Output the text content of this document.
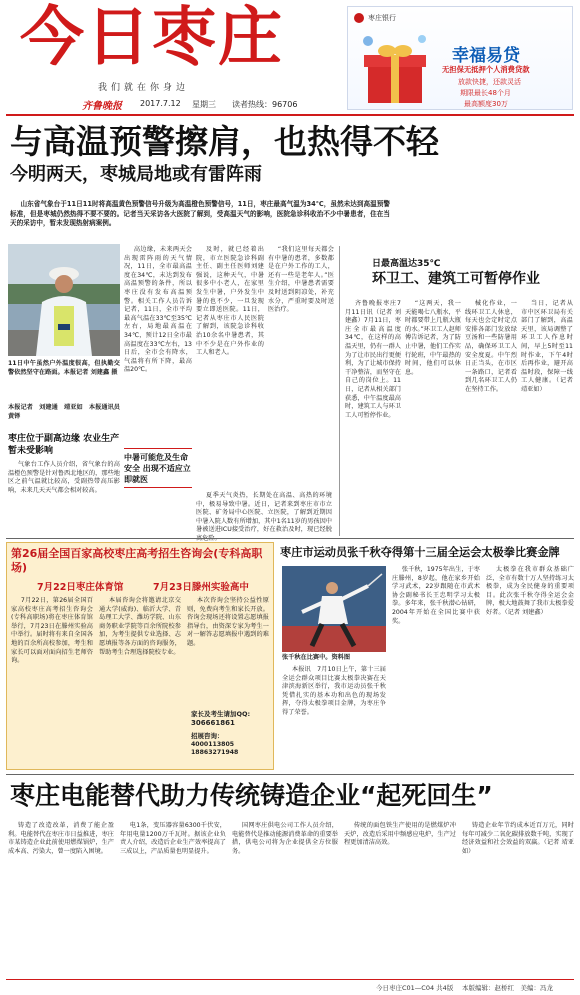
今日枣庄
我们就在你身边
齐鲁晚报 2017.7.12 星期三 读者热线：96706
枣庄银行
幸福易贷
无担保无抵押个人消费贷款
放款快捷，还款灵活
期限最长48个月
最高额度30万
与高温预警擦肩，也热得不轻
今明两天，枣城局地或有雷阵雨

山东省气象台于11日11时将高温黄色预警信号升级为高温橙色预警信号，11日，枣庄最高气温为34℃，虽然未达到高温预警标准，但是枣城仍然热得不要不要的。记者当天采访各大医院了解到，受高温天气的影响，医院急诊科收治不少中暑患者，住在当天的采访中，暂未发现热射病案例。

11日中午虽然户外温度很高，但执勤交警依然坚守在路面。本报记者 刘建鑫 摄

本报记者　刘建通　靖亚如　本报通讯员　黄铎

枣庄位于副高边缘 农业生产暂未受影响

气象台工作人员介绍，省气象台的高温橙色预警是针对鲁西北地区的，那些地区之前气温就比较高，受副热带高压影响，未来几天天气都会相对较高。

高边缘，未来两天会出现雷阵雨的天气情况，11日，全市最高温度在34℃，未达到发布高温预警的条件，所以枣庄没有发布高温预警。相关工作人员告诉记者，11日，全市平均最高气温在33℃至35℃左右，局地最高温在34℃，预计12日全市最高温度在33℃左右，13日后，全市会有降水，气温将有所下降，最高温20℃。

中暑可能危及生命安全 出现不适应立即就医

及时，就已经着出院，市立医院急诊科副主任、副主任医师刘建强说，这种天气，中暑很多中小老人，在家里发生中暑，户外发生中暑的也不少，一旦发现要立即送医院。11日，记者从枣庄市人民医院了解到，该院急诊科收治10余名中暑患者，其中不少是在户外作业的工人和老人。

夏季天气炎热，长期处在高温、高热的环境中，极易导致中暑。近日，记者来到枣庄市市立医院、矿务局中心医院、立医院，了解到近期因中暑入院人数有所增加，其中1名11岁的男孩因中暑被送进ICU接受治疗，好在救治及时，现已经脱

“我们这里每天都会有中暑的患者，多数都是在户外工作的工人，还有一些是老年人。”医生介绍，中暑患者需要及时送到阴凉处，补充水分，严重时要及时送医治疗。

日最高温达35℃
环卫工、建筑工可暂停作业

齐鲁晚报枣庄7月11日讯（记者 刘建鑫）7月11日，枣庄全市最高温度34℃，在这样的高温天里，仍有一群人为了让市民出行更便利，为了让城市保持干净整洁，而坚守在自己的岗位上。11日，记者从相关部门获悉，中午温度最高时，建筑工人与环卫工人可暂停作业。

“这两天，我一天能喝七八瓶水，平时都要带上几瓶大瓶的水。”环卫工人赵师傅告诉记者，为了防止中暑，他们工作实行轮班，中午最热的时间，他们可以休息。

械化作业，一线环卫工人休息，每天也会定时定点安排各部门发放绿豆汤和一些防暑用品，确保环卫工人安全度夏。中午烈日正当头，在市区一条路口，记者看到几名环卫工人仍在坚持工作。

当日，记者从市中区环卫局有关部门了解到，高温天里，该局调整了环卫工人作息时间，早上5时至11时作业，下午4时后再作业，避开高温时段，保障一线工人健康。（记者 靖亚如）

第26届全国百家高校枣庄高考招生咨询会(专科高职场)
7月22日枣庄体育馆	7月23日滕州实验高中

7月22日，第26届全国百家高校枣庄高考招生咨询会(专科高职场)将在枣庄体育馆举行，7月23日在滕州实验高中举行。届时将有来自全国各地的百余所高校参加，考生和家长可以面对面向招生老师咨询。

本届咨询会将邀请北京交通大学(威海)、临沂大学、青岛理工大学、潍坊学院、山东商务职业学院等百余所院校参加，为考生提供专业选择、志愿填报等各方面的咨询服务，帮助考生合理选择院校专业。

本次咨询会坚持公益性原则，免费向考生和家长开放。咨询会现场还将设置志愿填报指导台，由资深专家为考生一对一解答志愿填报中遇到的难题。

家长及考生请加QQ:
306661861
招展咨询：
4000113805　18863271948
枣庄市运动员张千秋夺得第十三届全运会太极拳比赛金牌

张千秋在比赛中。资料图

本报讯　7月10日上午，第十三届全运会群众项目比赛太极拳决赛在天津滨海新区举行，我市运动员张千秋凭借扎实的基本功和出色的现场发挥，夺得太极拳项目金牌，为枣庄争得了荣誉。

张千秋，1975年出生，于枣庄滕州，8岁起，他在家乡开始学习武术，22岁跟随在市武术协会副秘书长王忠明学习太极拳。多年来，张千秋潜心钻研，2004年开始在全国比赛中获奖。

太极拳在我市群众基础广泛，全市有数十万人坚持练习太极拳，成为全民健身的重要项目。此次张千秋夺得全运会金牌，极大地鼓舞了我市太极拳爱好者。（记者 刘建鑫）

枣庄电能替代助力传统铸造企业“起死回生”

铸造了改造改革，消费了能企盈利。电能替代在枣庄市日益推进，枣庄市某铸造企业此前使用燃煤锅炉，生产成本高、污染大，曾一度陷入困境。

电1条，变压器容量6300千伏安，年用电量1200万千瓦时。据该企业负责人介绍，改造后企业生产效率提高了三成以上，产品质量也明显提升。

国网枣庄供电公司工作人员介绍，电能替代是推动能源消费革命的重要举措，供电公司将为企业提供全方位服务。

传统的面包铁生产使用的是燃煤炉冲天炉，改造后采用中频感应电炉，生产过程更加清洁高效。

铸造企业年节约成本近百万元，同时每年可减少二氧化碳排放数千吨，实现了经济效益和社会效益的双赢。（记者 靖亚如）

今日枣庄C01—C04 共4版 本版编辑：赵桥红　美编：冯龙
